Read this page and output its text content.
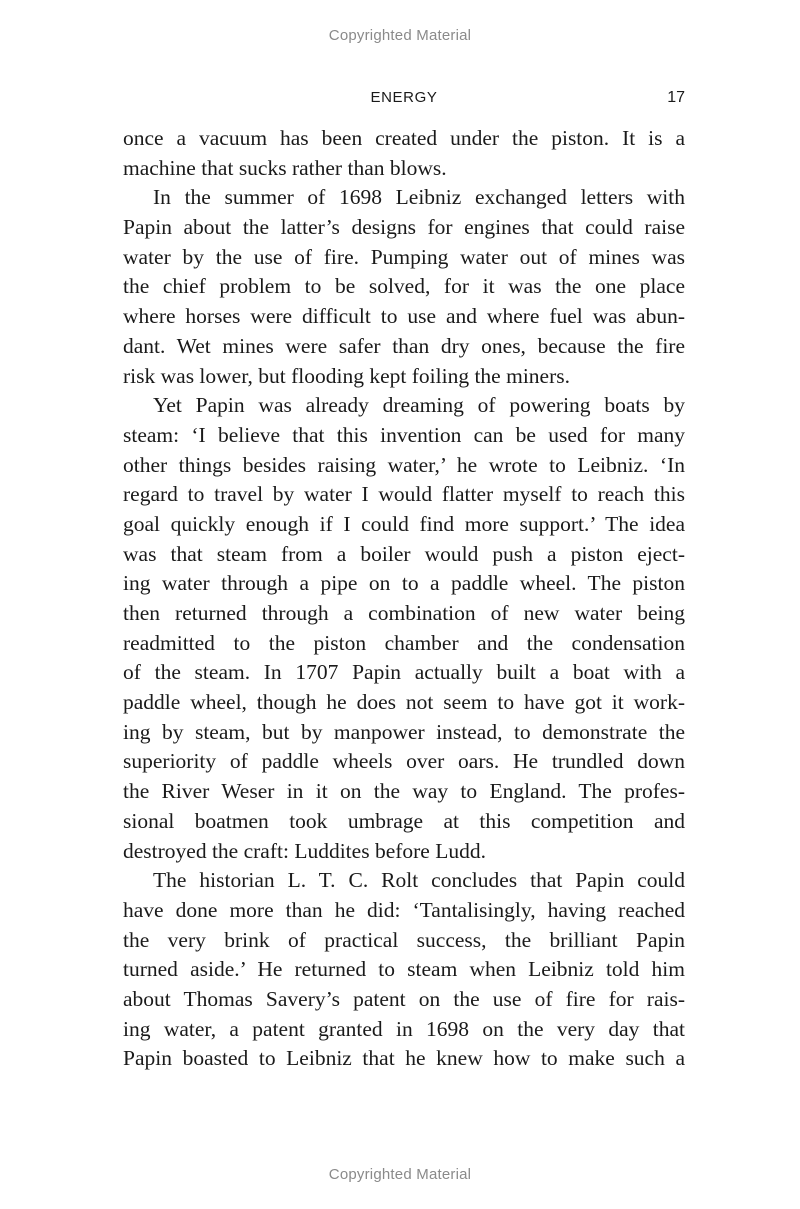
Copyrighted Material
ENERGY	17
once a vacuum has been created under the piston. It is a
machine that sucks rather than blows.
In the summer of 1698 Leibniz exchanged letters with
Papin about the latter’s designs for engines that could raise
water by the use of fire. Pumping water out of mines was
the chief problem to be solved, for it was the one place
where horses were difficult to use and where fuel was abun-
dant. Wet mines were safer than dry ones, because the fire
risk was lower, but flooding kept foiling the miners.
Yet Papin was already dreaming of powering boats by
steam: ‘I believe that this invention can be used for many
other things besides raising water,’ he wrote to Leibniz. ‘In
regard to travel by water I would flatter myself to reach this
goal quickly enough if I could find more support.’ The idea
was that steam from a boiler would push a piston eject-
ing water through a pipe on to a paddle wheel. The piston
then returned through a combination of new water being
readmitted to the piston chamber and the condensation
of the steam. In 1707 Papin actually built a boat with a
paddle wheel, though he does not seem to have got it work-
ing by steam, but by manpower instead, to demonstrate the
superiority of paddle wheels over oars. He trundled down
the River Weser in it on the way to England. The profes-
sional boatmen took umbrage at this competition and
destroyed the craft: Luddites before Ludd.
The historian L. T. C. Rolt concludes that Papin could
have done more than he did: ‘Tantalisingly, having reached
the very brink of practical success, the brilliant Papin
turned aside.’ He returned to steam when Leibniz told him
about Thomas Savery’s patent on the use of fire for rais-
ing water, a patent granted in 1698 on the very day that
Papin boasted to Leibniz that he knew how to make such a
Copyrighted Material
